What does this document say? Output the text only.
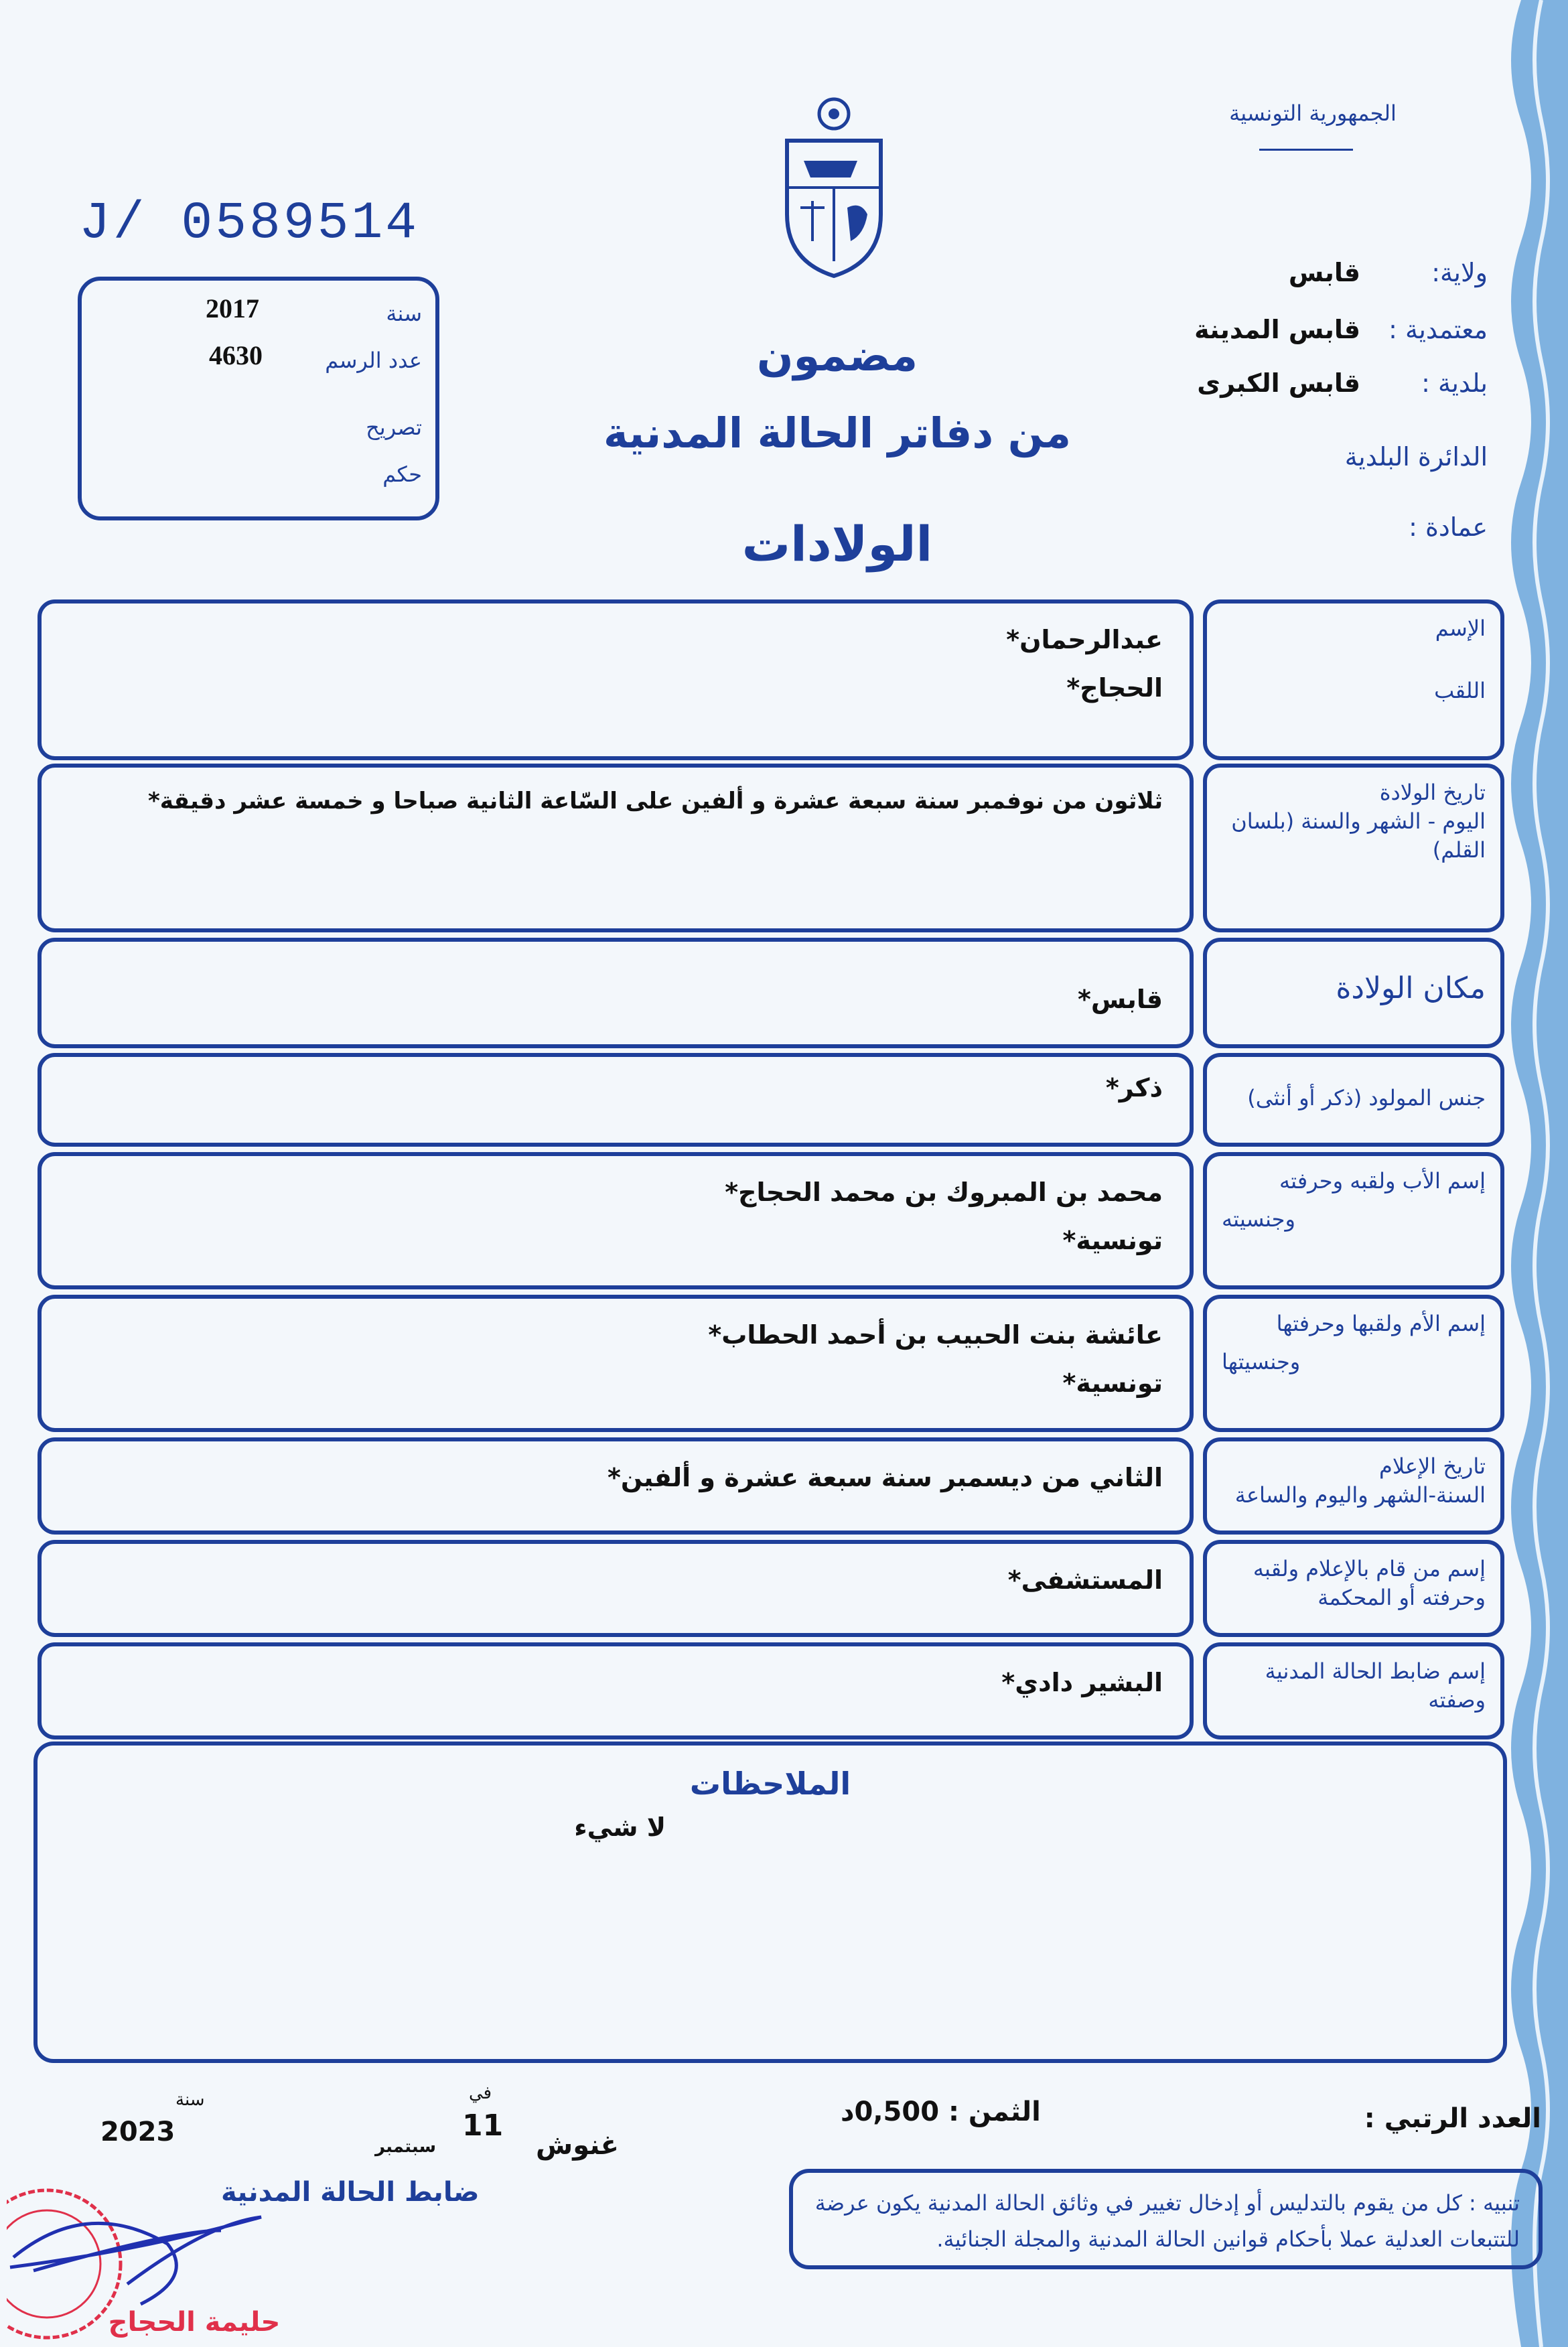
J/ 0589514
سنة
2017
عدد الرسم
4630
تصريح
حكم
مضمون
من دفاتر الحالة المدنية
الولادات
الجمهورية التونسية
ولاية:
قابس
معتمدية :
قابس المدينة
بلدية :
قابس الكبرى
الدائرة البلدية
عمادة :
الإسم
اللقب
عبدالرحمان*
الحجاج*
تاريخ الولادة
اليوم - الشهر والسنة (بلسان القلم)
ثلاثون من نوفمبر سنة سبعة عشرة و ألفين على السّاعة الثانية صباحا و خمسة عشر دقيقة*
مكان الولادة
قابس*
جنس المولود (ذكر أو أنثى)
ذكر*
إسم الأب ولقبه وحرفته
وجنسيته
محمد بن المبروك بن محمد الحجاج*
تونسية*
إسم الأم ولقبها وحرفتها
وجنسيتها
عائشة بنت الحبيب بن أحمد الحطاب*
تونسية*
تاريخ الإعلام
السنة-الشهر واليوم والساعة
الثاني من ديسمبر سنة سبعة عشرة و ألفين*
إسم من قام بالإعلام ولقبه
وحرفته أو المحكمة
المستشفى*
إسم ضابط الحالة المدنية
وصفته
البشير دادي*
الملاحظات
لا شيء
العدد الرتبي :
الثمن : 0,500د
غنوش
في
11
سبتمبر
سنة
2023
ضابط الحالة المدنية
حليمة الحجاج
تنبيه : كل من يقوم بالتدليس أو إدخال تغيير في وثائق الحالة المدنية يكون عرضة للتتبعات العدلية عملا بأحكام قوانين الحالة المدنية والمجلة الجنائية.
